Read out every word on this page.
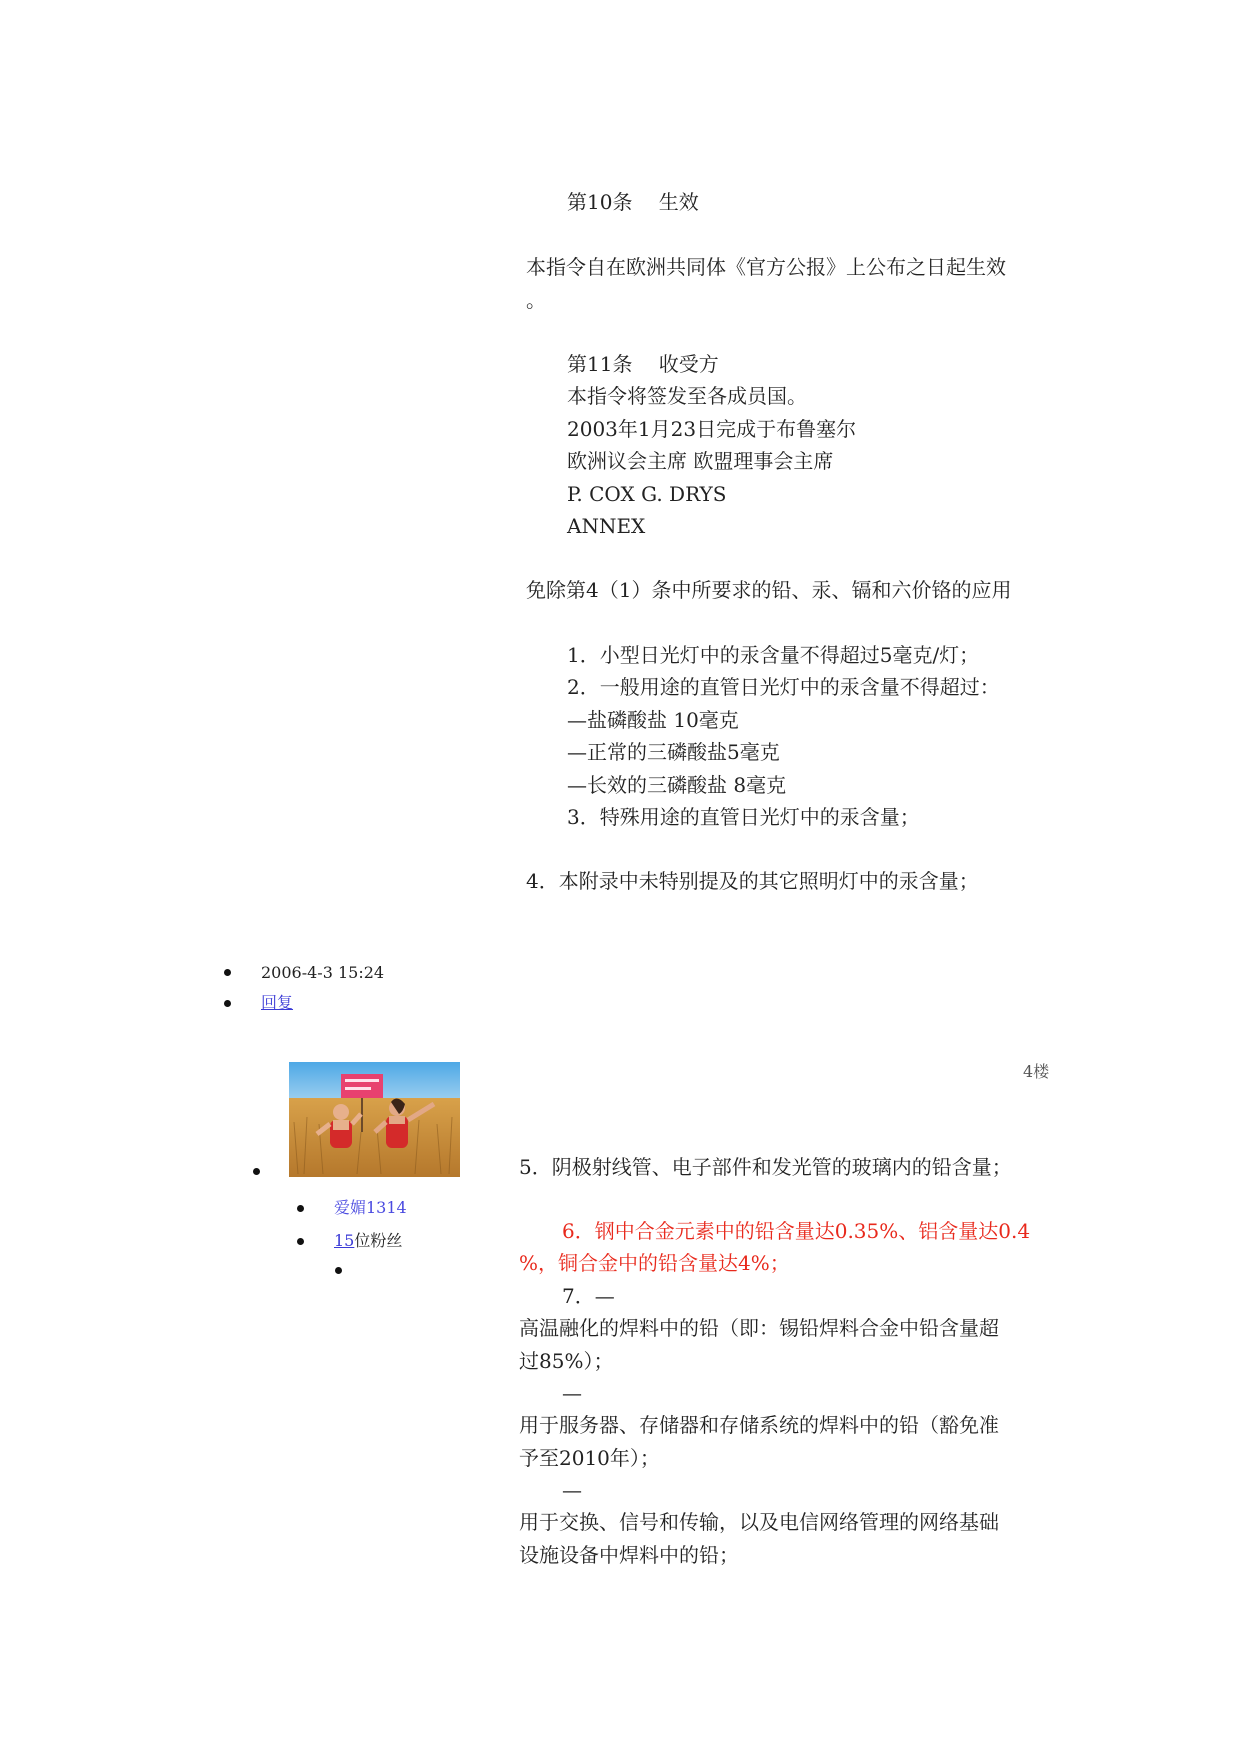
第10条　 生效
本指令自在欧洲共同体《官方公报》上公布之日起生效
。
第11条　 收受方
本指令将签发至各成员国。
2003年1月23日完成于布鲁塞尔
欧洲议会主席 欧盟理事会主席
P. COX G. DRYS
ANNEX
免除第4（1）条中所要求的铅、汞、镉和六价铬的应用
1．小型日光灯中的汞含量不得超过5毫克/灯；
2．一般用途的直管日光灯中的汞含量不得超过：
—盐磷酸盐 10毫克
—正常的三磷酸盐5毫克
—长效的三磷酸盐 8毫克
3．特殊用途的直管日光灯中的汞含量；
4．本附录中未特别提及的其它照明灯中的汞含量；
2006-4-3 15:24
回复
4楼
爱媚1314
15位粉丝
5．阴极射线管、电子部件和发光管的玻璃内的铅含量；
6．钢中合金元素中的铅含量达0.35%、铝含量达0.4
%，铜合金中的铅含量达4%；
7．—
高温融化的焊料中的铅（即：锡铅焊料合金中铅含量超
过85%）；
—
用于服务器、存储器和存储系统的焊料中的铅（豁免准
予至2010年）；
—
用于交换、信号和传输，以及电信网络管理的网络基础
设施设备中焊料中的铅；
